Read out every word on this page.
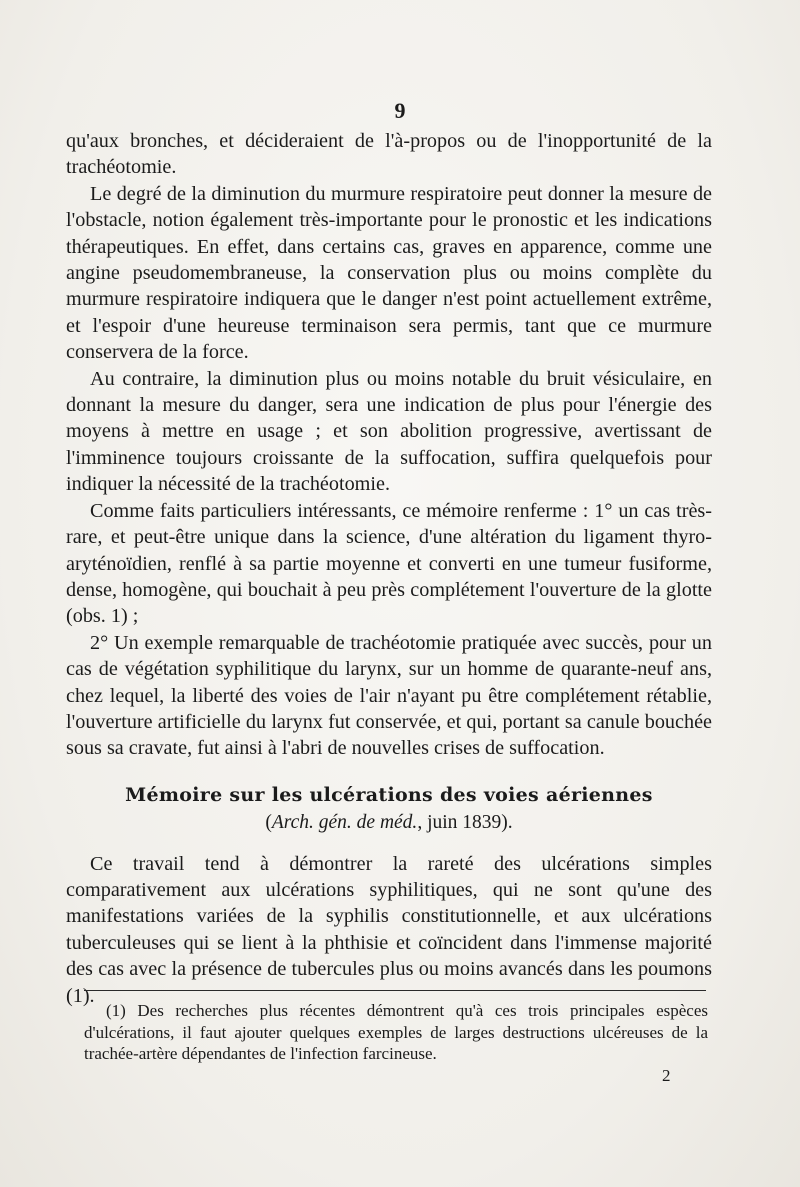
9

qu'aux bronches, et décideraient de l'à-propos ou de l'inopportunité de la trachéotomie.

Le degré de la diminution du murmure respiratoire peut donner la mesure de l'obstacle, notion également très-importante pour le pronostic et les indications thérapeutiques. En effet, dans certains cas, graves en apparence, comme une angine pseudomembraneuse, la conservation plus ou moins complète du murmure respiratoire indiquera que le danger n'est point actuellement extrême, et l'espoir d'une heureuse terminaison sera permis, tant que ce murmure conservera de la force.

Au contraire, la diminution plus ou moins notable du bruit vésiculaire, en donnant la mesure du danger, sera une indication de plus pour l'énergie des moyens à mettre en usage ; et son abolition progressive, avertissant de l'imminence toujours croissante de la suffocation, suffira quelquefois pour indiquer la nécessité de la trachéotomie.

Comme faits particuliers intéressants, ce mémoire renferme : 1° un cas très-rare, et peut-être unique dans la science, d'une altération du ligament thyro-aryténoïdien, renflé à sa partie moyenne et converti en une tumeur fusiforme, dense, homogène, qui bouchait à peu près complétement l'ouverture de la glotte (obs. 1) ;

2° Un exemple remarquable de trachéotomie pratiquée avec succès, pour un cas de végétation syphilitique du larynx, sur un homme de quarante-neuf ans, chez lequel, la liberté des voies de l'air n'ayant pu être complétement rétablie, l'ouverture artificielle du larynx fut conservée, et qui, portant sa canule bouchée sous sa cravate, fut ainsi à l'abri de nouvelles crises de suffocation.

Mémoire sur les ulcérations des voies aériennes
(Arch. gén. de méd., juin 1839).

Ce travail tend à démontrer la rareté des ulcérations simples comparativement aux ulcérations syphilitiques, qui ne sont qu'une des manifestations variées de la syphilis constitutionnelle, et aux ulcérations tuberculeuses qui se lient à la phthisie et coïncident dans l'immense majorité des cas avec la présence de tubercules plus ou moins avancés dans les poumons (1).

(1) Des recherches plus récentes démontrent qu'à ces trois principales espèces d'ulcérations, il faut ajouter quelques exemples de larges destructions ulcéreuses de la trachée-artère dépendantes de l'infection farcineuse.
2
